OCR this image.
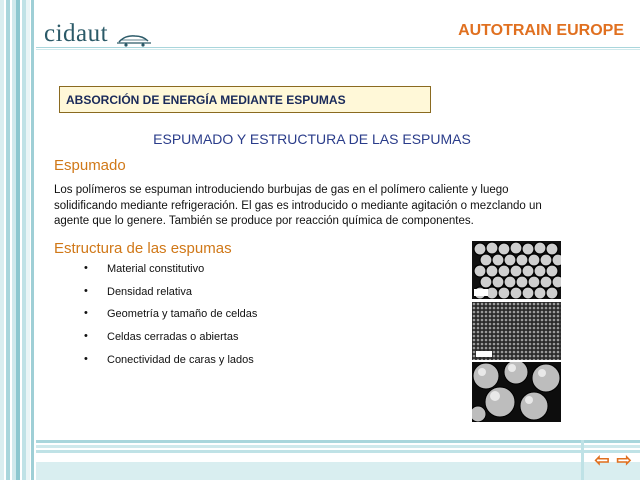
cidaut	AUTOTRAIN EUROPE
ABSORCIÓN DE ENERGÍA MEDIANTE ESPUMAS
ESPUMADO Y ESTRUCTURA DE LAS ESPUMAS
Espumado
Los polímeros se espuman introduciendo burbujas de gas en el polímero caliente y luego solidificando mediante refrigeración. El gas es introducido o mediante agitación o mezclando un agente que lo genere. También se produce por reacción química de componentes.
Estructura de las espumas
• Material constitutivo
• Densidad relativa
• Geometría y tamaño de celdas
• Celdas cerradas o abiertas
• Conectividad de caras y lados
⇦ ⇨
